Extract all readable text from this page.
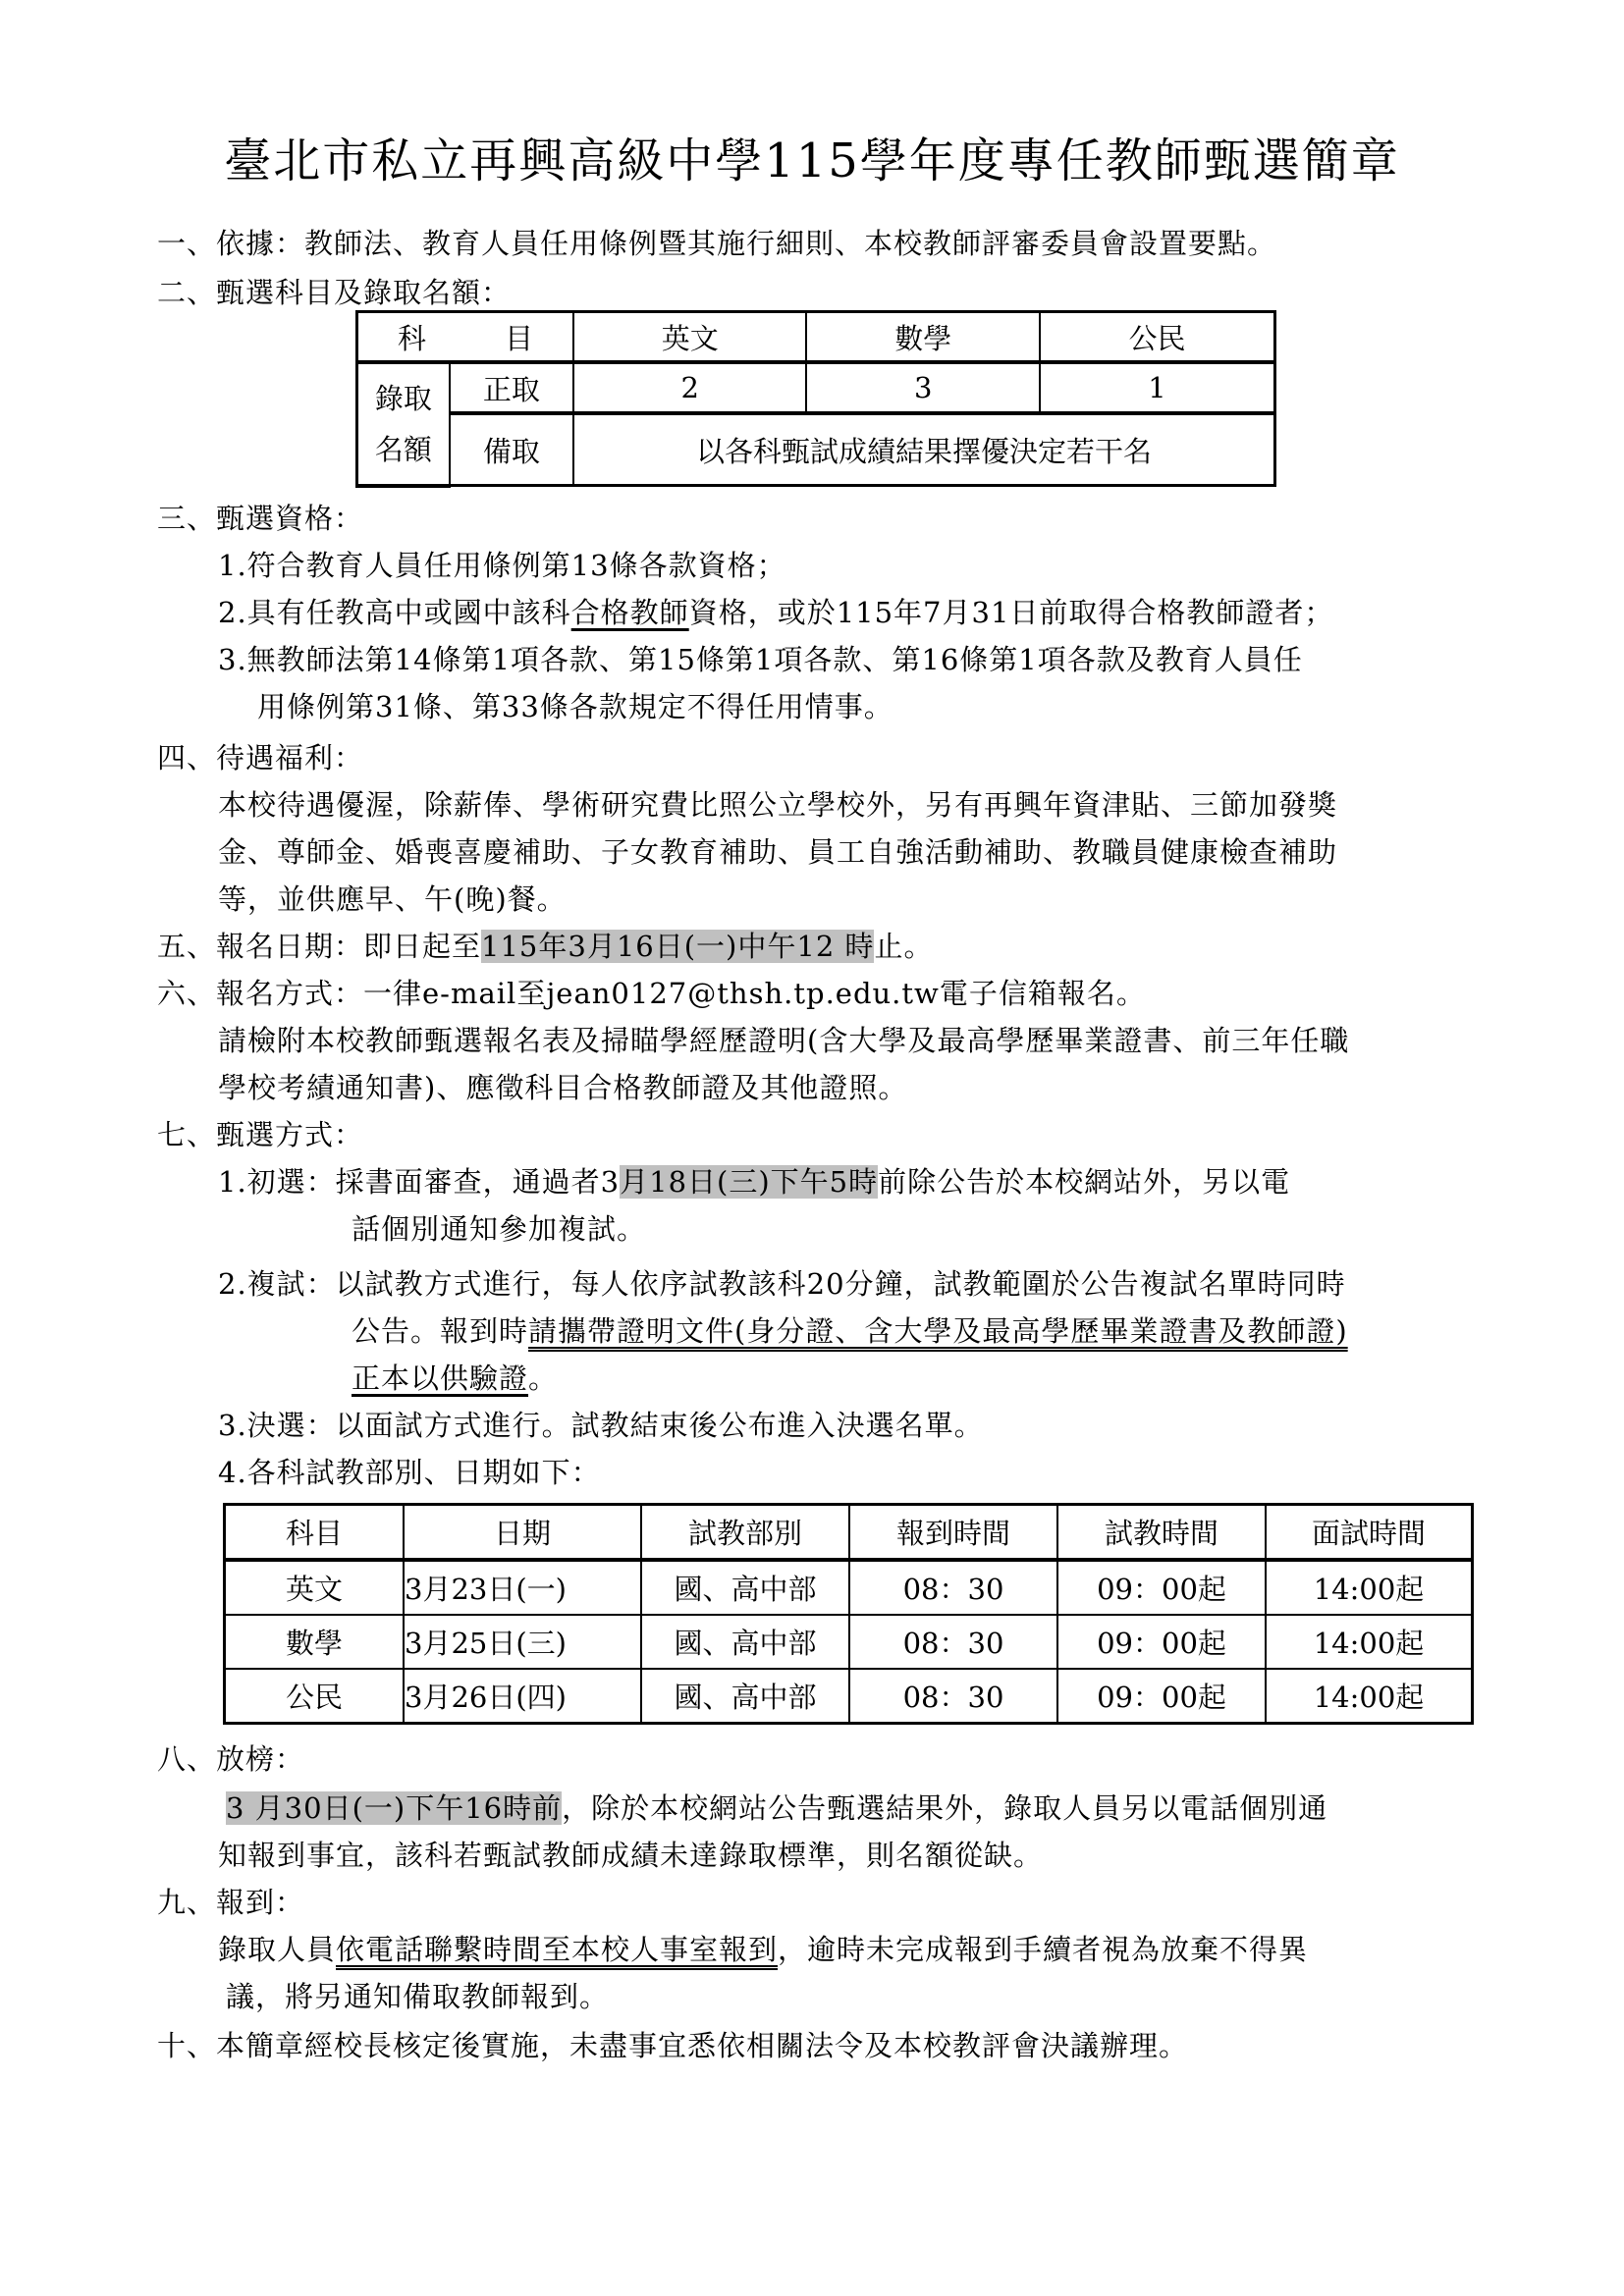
臺北市私立再興高級中學115學年度專任教師甄選簡章
一、依據：教師法、教育人員任用條例暨其施行細則、本校教師評審委員會設置要點。
二、甄選科目及錄取名額：
科 目		英文	數學	公民

錄取
名額	正取	2	3	1
	備取	以各科甄試成績結果擇優決定若干名		
三、甄選資格：
1.符合教育人員任用條例第13條各款資格；
2.具有任教高中或國中該科合格教師資格，或於115年7月31日前取得合格教師證者；
3.無教師法第14條第1項各款、第15條第1項各款、第16條第1項各款及教育人員任
用條例第31條、第33條各款規定不得任用情事。
四、待遇福利：
本校待遇優渥，除薪俸、學術研究費比照公立學校外，另有再興年資津貼、三節加發獎
金、尊師金、婚喪喜慶補助、子女教育補助、員工自強活動補助、教職員健康檢查補助
等，並供應早、午(晚)餐。
五、報名日期：即日起至115年3月16日(一)中午12 時止。
六、報名方式：一律e-mail至jean0127@thsh.tp.edu.tw電子信箱報名。
請檢附本校教師甄選報名表及掃瞄學經歷證明(含大學及最高學歷畢業證書、前三年任職
學校考績通知書)、應徵科目合格教師證及其他證照。
七、甄選方式：
1.初選：採書面審查，通過者3月18日(三)下午5時前除公告於本校網站外，另以電
話個別通知參加複試。
2.複試：以試教方式進行，每人依序試教該科20分鐘，試教範圍於公告複試名單時同時
公告。報到時請攜帶證明文件(身分證、含大學及最高學歷畢業證書及教師證)
正本以供驗證。
3.決選：以面試方式進行。試教結束後公布進入決選名單。
4.各科試教部別、日期如下：
科目	日期	試教部別	報到時間	試教時間	面試時間
英文	3月23日(一)	國、高中部	08：30	09：00起	14:00起
數學	3月25日(三)	國、高中部	08：30	09：00起	14:00起
公民	3月26日(四)	國、高中部	08：30	09：00起	14:00起
八、放榜：
3 月30日(一)下午16時前，除於本校網站公告甄選結果外，錄取人員另以電話個別通
知報到事宜，該科若甄試教師成績未達錄取標準，則名額從缺。
九、報到：
錄取人員依電話聯繫時間至本校人事室報到，逾時未完成報到手續者視為放棄不得異
議，將另通知備取教師報到。
十、本簡章經校長核定後實施，未盡事宜悉依相關法令及本校教評會決議辦理。
